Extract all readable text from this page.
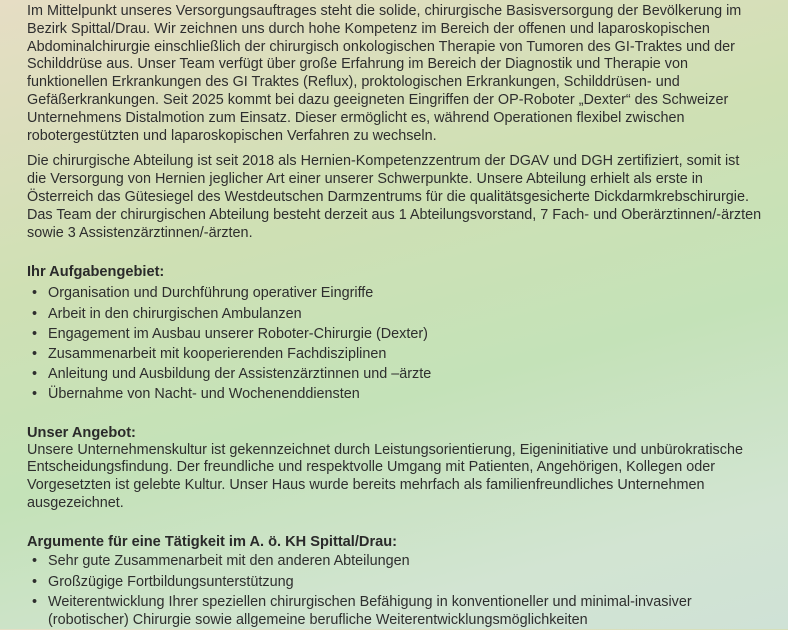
Im Mittelpunkt unseres Versorgungsauftrages steht die solide, chirurgische Basisversorgung der Bevölkerung im Bezirk Spittal/Drau. Wir zeichnen uns durch hohe Kompetenz im Bereich der offenen und laparoskopischen Abdominalchirurgie einschließlich der chirurgisch onkologischen Therapie von Tumoren des GI-Traktes und der Schilddrüse aus. Unser Team verfügt über große Erfahrung im Bereich der Diagnostik und Therapie von funktionellen Erkrankungen des GI Traktes (Reflux), proktologischen Erkrankungen, Schilddrüsen- und Gefäßerkrankungen. Seit 2025 kommt bei dazu geeigneten Eingriffen der OP-Roboter „Dexter“ des Schweizer Unternehmens Distalmotion zum Einsatz. Dieser ermöglicht es, während Operationen flexibel zwischen robotergestützten und laparoskopischen Verfahren zu wechseln.

Die chirurgische Abteilung ist seit 2018 als Hernien-Kompetenzzentrum der DGAV und DGH zertifiziert, somit ist die Versorgung von Hernien jeglicher Art einer unserer Schwerpunkte. Unsere Abteilung erhielt als erste in Österreich das Gütesiegel des Westdeutschen Darmzentrums für die qualitätsgesicherte Dickdarmkrebschirurgie. Das Team der chirurgischen Abteilung besteht derzeit aus 1 Abteilungsvorstand, 7 Fach- und Oberärztinnen/-ärzten sowie 3 Assistenzärztinnen/-ärzten.

Ihr Aufgabengebiet:
• Organisation und Durchführung operativer Eingriffe
• Arbeit in den chirurgischen Ambulanzen
• Engagement im Ausbau unserer Roboter-Chirurgie (Dexter)
• Zusammenarbeit mit kooperierenden Fachdisziplinen
• Anleitung und Ausbildung der Assistenzärztinnen und –ärzte
• Übernahme von Nacht- und Wochenenddiensten
Unser Angebot:

Unsere Unternehmenskultur ist gekennzeichnet durch Leistungsorientierung, Eigeninitiative und unbürokratische Entscheidungsfindung. Der freundliche und respektvolle Umgang mit Patienten, Angehörigen, Kollegen oder Vorgesetzten ist gelebte Kultur. Unser Haus wurde bereits mehrfach als familienfreundliches Unternehmen ausgezeichnet.

Argumente für eine Tätigkeit im A. ö. KH Spittal/Drau:
• Sehr gute Zusammenarbeit mit den anderen Abteilungen
• Großzügige Fortbildungsunterstützung
• Weiterentwicklung Ihrer speziellen chirurgischen Befähigung in konventioneller und minimal-invasiver (robotischer) Chirurgie sowie allgemeine berufliche Weiterentwicklungsmöglichkeiten
